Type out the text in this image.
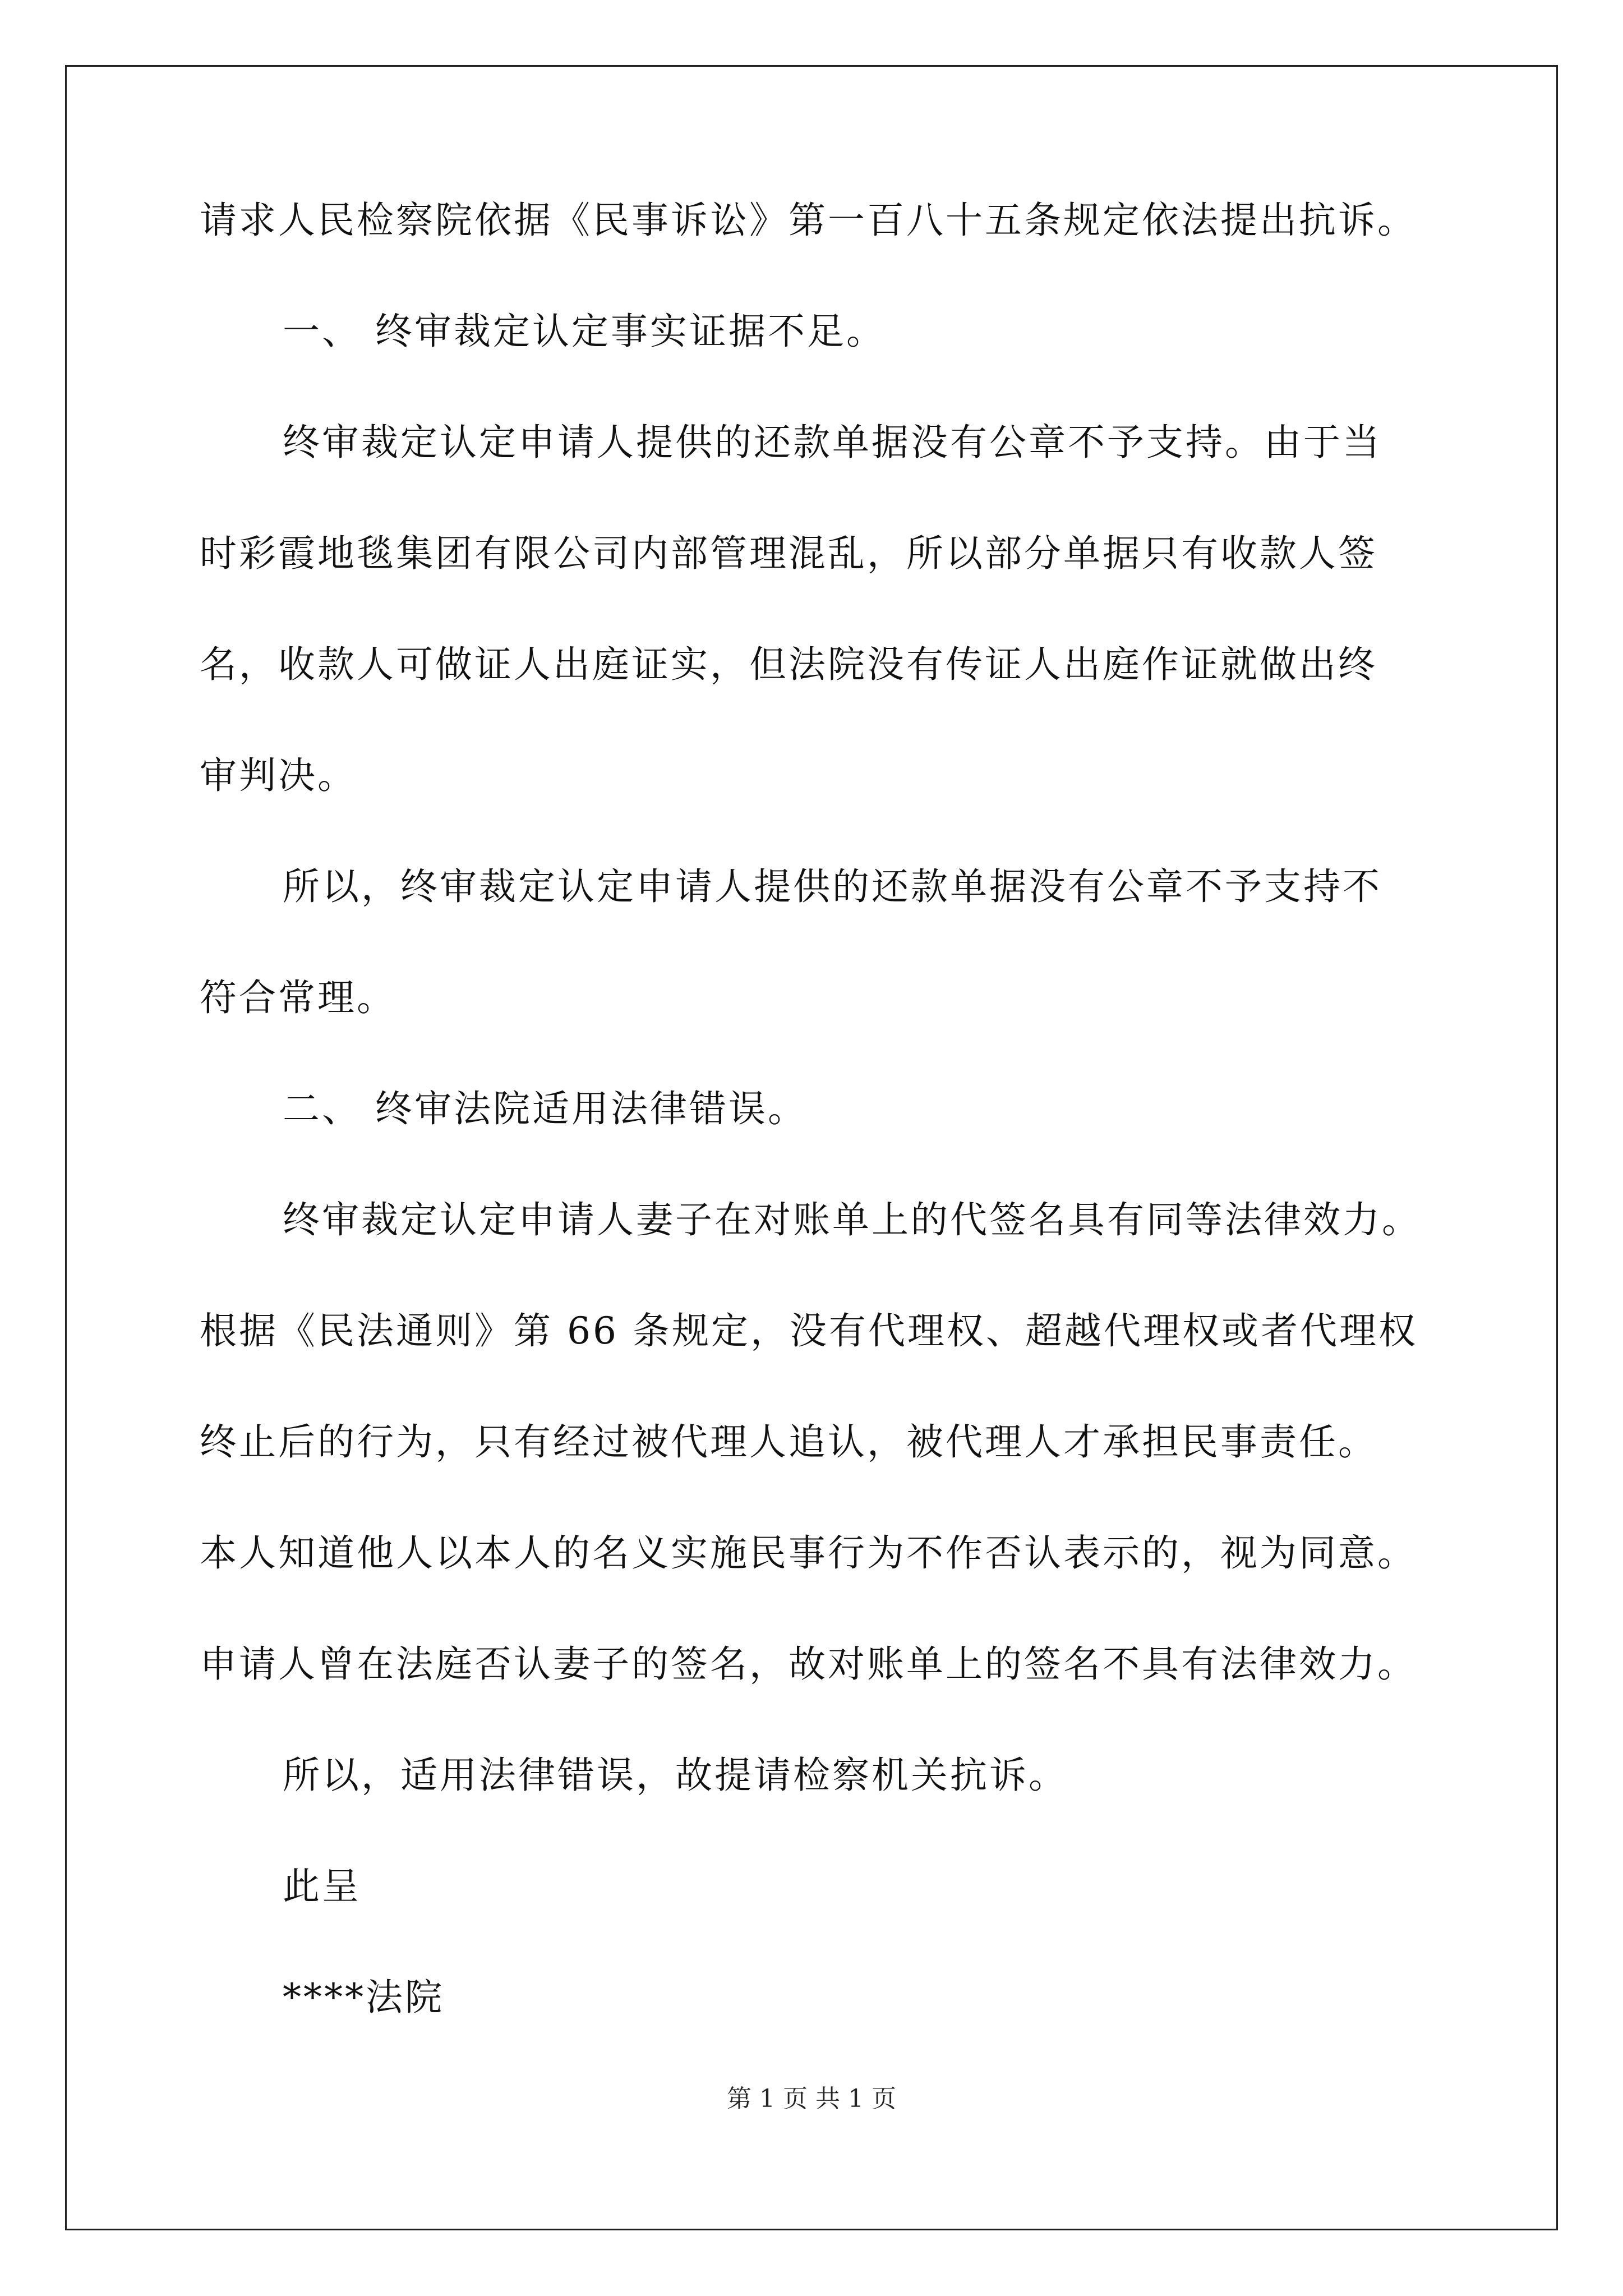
请求人民检察院依据《民事诉讼》第一百八十五条规定依法提出抗诉。
一、 终审裁定认定事实证据不足。
终审裁定认定申请人提供的还款单据没有公章不予支持。由于当
时彩霞地毯集团有限公司内部管理混乱，所以部分单据只有收款人签
名，收款人可做证人出庭证实，但法院没有传证人出庭作证就做出终
审判决。
所以，终审裁定认定申请人提供的还款单据没有公章不予支持不
符合常理。
二、 终审法院适用法律错误。
终审裁定认定申请人妻子在对账单上的代签名具有同等法律效力。
根据《民法通则》第 66 条规定，没有代理权、超越代理权或者代理权
终止后的行为，只有经过被代理人追认，被代理人才承担民事责任。
本人知道他人以本人的名义实施民事行为不作否认表示的，视为同意。
申请人曾在法庭否认妻子的签名，故对账单上的签名不具有法律效力。
所以，适用法律错误，故提请检察机关抗诉。
此呈
****法院
第 1 页 共 1 页
